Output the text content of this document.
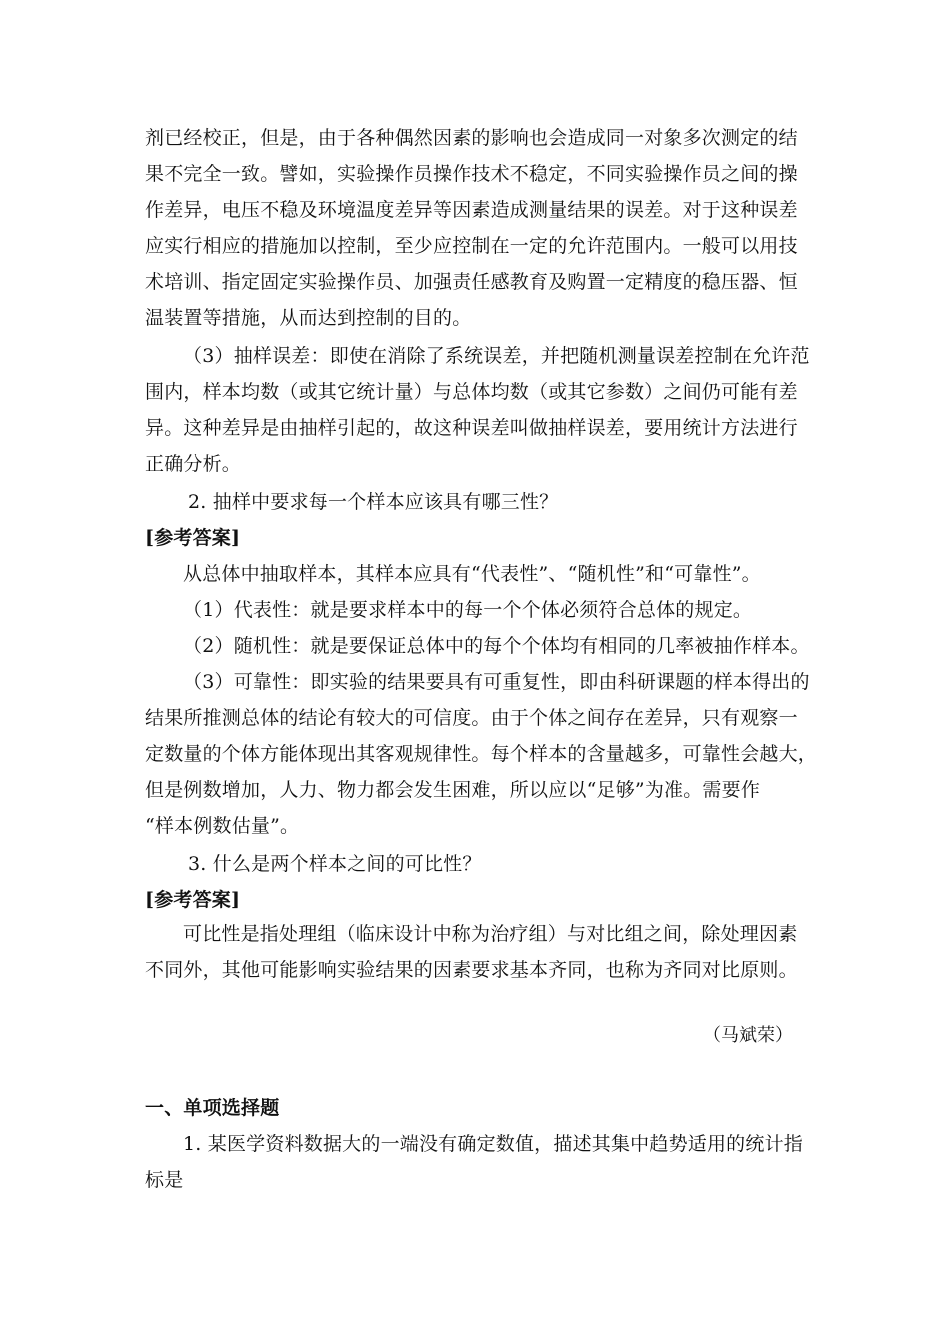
剂已经校正，但是，由于各种偶然因素的影响也会造成同一对象多次测定的结
果不完全一致。譬如，实验操作员操作技术不稳定，不同实验操作员之间的操
作差异，电压不稳及环境温度差异等因素造成测量结果的误差。对于这种误差
应实行相应的措施加以控制，至少应控制在一定的允许范围内。一般可以用技
术培训、指定固定实验操作员、加强责任感教育及购置一定精度的稳压器、恒
温装置等措施，从而达到控制的目的。
（3）抽样误差：即使在消除了系统误差，并把随机测量误差控制在允许范
围内，样本均数（或其它统计量）与总体均数（或其它参数）之间仍可能有差
异。这种差异是由抽样引起的，故这种误差叫做抽样误差，要用统计方法进行
正确分析。
2. 抽样中要求每一个样本应该具有哪三性？
[参考答案]
从总体中抽取样本，其样本应具有“代表性”、“随机性”和“可靠性”。
（1）代表性：就是要求样本中的每一个个体必须符合总体的规定。
（2）随机性：就是要保证总体中的每个个体均有相同的几率被抽作样本。
（3）可靠性：即实验的结果要具有可重复性，即由科研课题的样本得出的
结果所推测总体的结论有较大的可信度。由于个体之间存在差异，只有观察一
定数量的个体方能体现出其客观规律性。每个样本的含量越多，可靠性会越大，
但是例数增加，人力、物力都会发生困难，所以应以“足够”为准。需要作
“样本例数估量”。
3. 什么是两个样本之间的可比性？
[参考答案]
可比性是指处理组（临床设计中称为治疗组）与对比组之间，除处理因素
不同外，其他可能影响实验结果的因素要求基本齐同，也称为齐同对比原则。
（马斌荣）
一、单项选择题
1. 某医学资料数据大的一端没有确定数值，描述其集中趋势适用的统计指
标是
